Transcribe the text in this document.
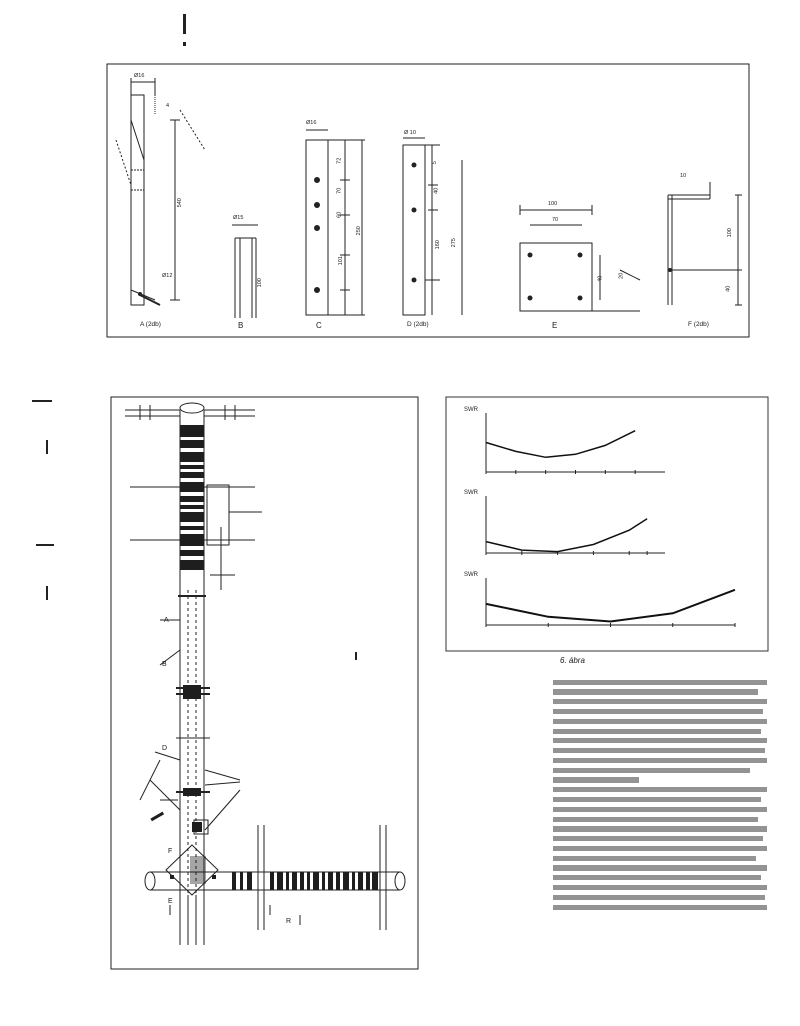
Ø16
540
Ø12
4
Ø15
100
Ø16
72
70
60
101
250
Ø 10
5
40
160 275
100
70
40	20
10
100
40
A (2db)	B	C	D (2db)	E	F (2db)
A
B
D
F
E
R
SWR
SWR
SWR
6. ábra
